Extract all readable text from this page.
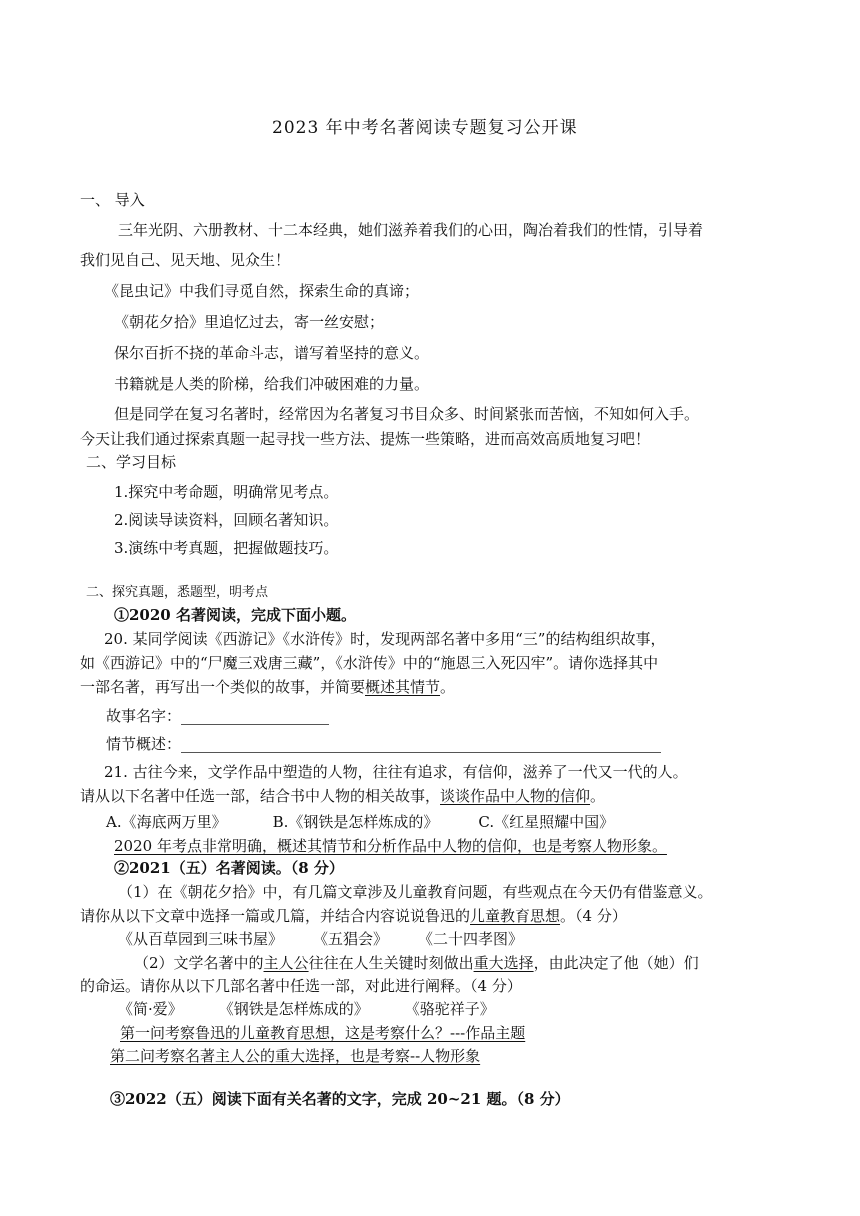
2023 年中考名著阅读专题复习公开课
一、 导入
三年光阴、六册教材、十二本经典，她们滋养着我们的心田，陶冶着我们的性情，引导着
我们见自己、见天地、见众生！
《昆虫记》中我们寻觅自然，探索生命的真谛；
《朝花夕拾》里追忆过去，寄一丝安慰；
保尔百折不挠的革命斗志，谱写着坚持的意义。
书籍就是人类的阶梯，给我们冲破困难的力量。
但是同学在复习名著时，经常因为名著复习书目众多、时间紧张而苦恼，不知如何入手。
今天让我们通过探索真题一起寻找一些方法、提炼一些策略，进而高效高质地复习吧！
二、学习目标
1.探究中考命题，明确常见考点。
2.阅读导读资料，回顾名著知识。
3.演练中考真题，把握做题技巧。
二、探究真题，悉题型，明考点
①2020 名著阅读，完成下面小题。
20. 某同学阅读《西游记》《水浒传》时，发现两部名著中多用“三”的结构组织故事，
如《西游记》中的“尸魔三戏唐三藏”，《水浒传》中的“施恩三入死囚牢”。请你选择其中
一部名著，再写出一个类似的故事，并简要概述其情节。
故事名字：
情节概述：
21. 古往今来，文学作品中塑造的人物，往往有追求，有信仰，滋养了一代又一代的人。
请从以下名著中任选一部，结合书中人物的相关故事，谈谈作品中人物的信仰。
A.《海底两万里》	B.《钢铁是怎样炼成的》	C.《红星照耀中国》
2020 年考点非常明确，概述其情节和分析作品中人物的信仰，也是考察人物形象。
②2021（五）名著阅读。（8 分）
（1）在《朝花夕拾》中，有几篇文章涉及儿童教育问题，有些观点在今天仍有借鉴意义。
请你从以下文章中选择一篇或几篇，并结合内容说说鲁迅的儿童教育思想。（4 分）
《从百草园到三味书屋》 《五猖会》 《二十四孝图》
（2）文学名著中的主人公往往在人生关键时刻做出重大选择，由此决定了他（她）们
的命运。请你从以下几部名著中任选一部，对此进行阐释。（4 分）
《简·爱》 《钢铁是怎样炼成的》 《骆驼祥子》
第一问考察鲁迅的儿童教育思想，这是考察什么？---作品主题
第二问考察名著主人公的重大选择，也是考察--人物形象
③2022（五）阅读下面有关名著的文字，完成 20~21 题。（8 分）
